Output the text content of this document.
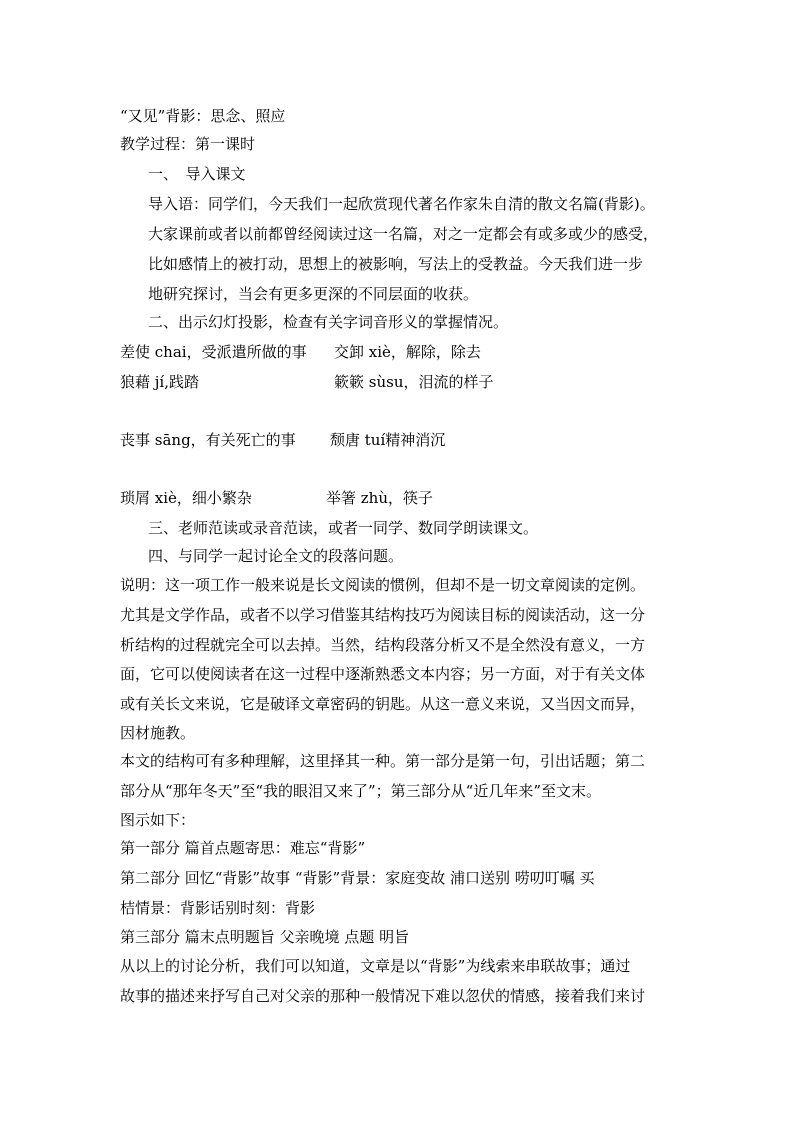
“又见”背影：思念、照应
教学过程：第一课时
一、　导入课文
导入语：同学们，今天我们一起欣赏现代著名作家朱自清的散文名篇(背影)。
大家课前或者以前都曾经阅读过这一名篇，对之一定都会有或多或少的感受，
比如感情上的被打动，思想上的被影响，写法上的受教益。今天我们进一步
地研究探讨，当会有更多更深的不同层面的收获。
二、出示幻灯投影，检查有关字词音形义的掌握情况。
差使 chai，受派遣所做的事 交卸 xiè，解除，除去
狼藉 jí,践踏	簌簌 sùsu，泪流的样子
丧事 sāng，有关死亡的事 颓唐 tuí精神消沉
琐屑 xiè，细小繁杂	举箸 zhù，筷子
三、老师范读或录音范读，或者一同学、数同学朗读课文。
四、与同学一起讨论全文的段落问题。
说明：这一项工作一般来说是长文阅读的惯例，但却不是一切文章阅读的定例。
尤其是文学作品，或者不以学习借鉴其结构技巧为阅读目标的阅读活动，这一分
析结构的过程就完全可以去掉。当然，结构段落分析又不是全然没有意义，一方
面，它可以使阅读者在这一过程中逐渐熟悉文本内容；另一方面，对于有关文体
或有关长文来说，它是破译文章密码的钥匙。从这一意义来说，又当因文而异，
因材施教。
本文的结构可有多种理解，这里择其一种。第一部分是第一句，引出话题；第二
部分从“那年冬天”至“我的眼泪又来了”；第三部分从“近几年来”至文末。
图示如下：
第一部分 篇首点题寄思：难忘“背影”
第二部分 回忆“背影”故事 “背影”背景：家庭变故 浦口送别 唠叨叮嘱 买
桔情景：背影话别时刻：背影
第三部分 篇末点明题旨 父亲晚境 点题 明旨
从以上的讨论分析，我们可以知道，文章是以“背影”为线索来串联故事；通过
故事的描述来抒写自己对父亲的那种一般情况下难以忽伏的情感，接着我们来讨
